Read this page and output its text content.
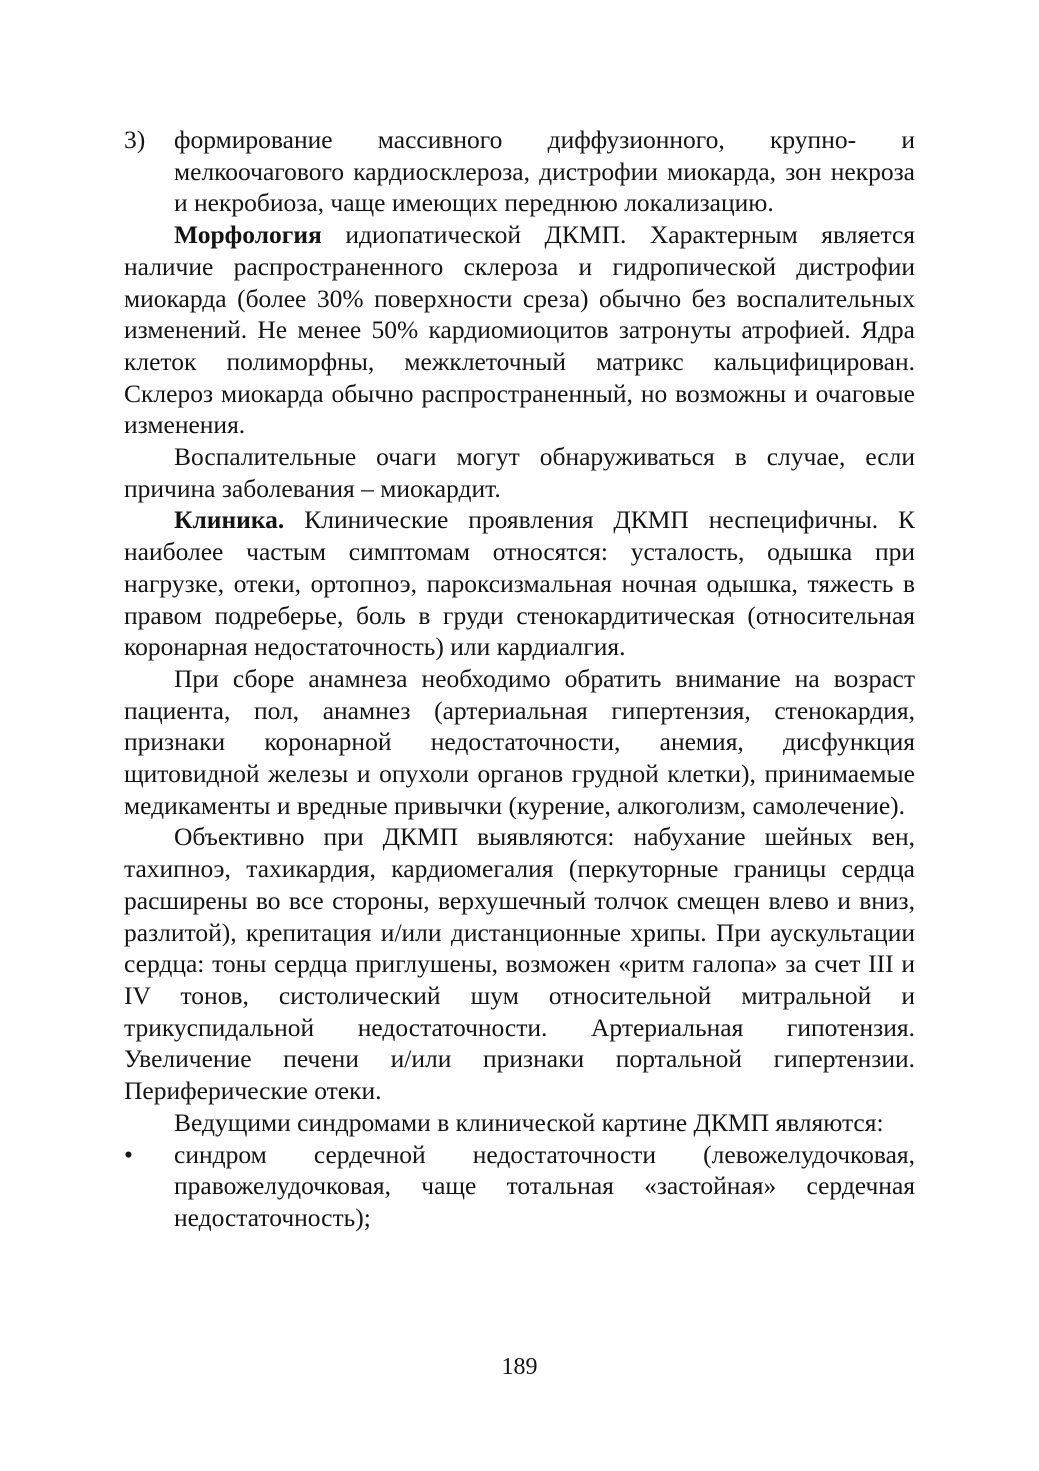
3)	формирование массивного диффузионного, крупно- и мелкоочагового кардиосклероза, дистрофии миокарда, зон некроза и некробиоза, чаще имеющих переднюю локализацию.

Морфология идиопатической ДКМП. Характерным является наличие распространенного склероза и гидропической дистрофии миокарда (более 30% поверхности среза) обычно без воспалительных изменений. Не менее 50% кардиомиоцитов затронуты атрофией. Ядра клеток полиморфны, межклеточный матрикс кальцифицирован. Склероз миокарда обычно распространенный, но возможны и очаговые изменения.

Воспалительные очаги могут обнаруживаться в случае, если причина заболевания – миокардит.

Клиника. Клинические проявления ДКМП неспецифичны. К наиболее частым симптомам относятся: усталость, одышка при нагрузке, отеки, ортопноэ, пароксизмальная ночная одышка, тяжесть в правом подреберье, боль в груди стенокардитическая (относительная коронарная недостаточность) или кардиалгия.

При сборе анамнеза необходимо обратить внимание на возраст пациента, пол, анамнез (артериальная гипертензия, стенокардия, признаки коронарной недостаточности, анемия, дисфункция щитовидной железы и опухоли органов грудной клетки), принимаемые медикаменты и вредные привычки (курение, алкоголизм, самолечение).

Объективно при ДКМП выявляются: набухание шейных вен, тахипноэ, тахикардия, кардиомегалия (перкуторные границы сердца расширены во все стороны, верхушечный толчок смещен влево и вниз, разлитой), крепитация и/или дистанционные хрипы. При аускультации сердца: тоны сердца приглушены, возможен «ритм галопа» за счет III и IV тонов, систолический шум относительной митральной и трикуспидальной недостаточности. Артериальная гипотензия. Увеличение печени и/или признаки портальной гипертензии. Периферические отеки.

Ведущими синдромами в клинической картине ДКМП являются:

•	синдром сердечной недостаточности (левожелудочковая, правожелудочковая, чаще тотальная «застойная» сердечная недостаточность);

189
